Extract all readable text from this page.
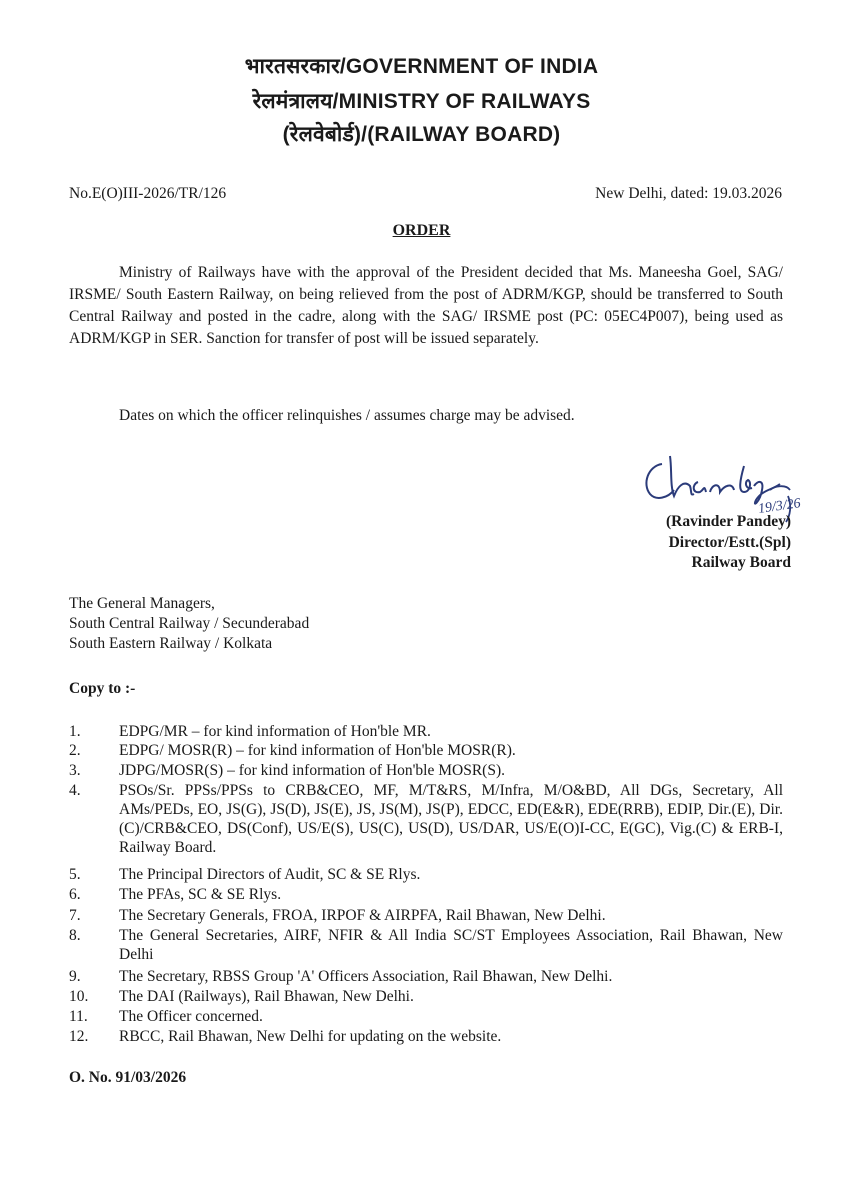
भारतसरकार/GOVERNMENT OF INDIA
रेलमंत्रालय/MINISTRY OF RAILWAYS
(रेलवेबोर्ड)/(RAILWAY BOARD)
No.E(O)III-2026/TR/126	New Delhi, dated: 19.03.2026
ORDER
Ministry of Railways have with the approval of the President decided that Ms. Maneesha Goel, SAG/ IRSME/ South Eastern Railway, on being relieved from the post of ADRM/KGP, should be transferred to South Central Railway and posted in the cadre, along with the SAG/ IRSME post (PC: 05EC4P007), being used as ADRM/KGP in SER. Sanction for transfer of post will be issued separately.
Dates on which the officer relinquishes / assumes charge may be advised.
19/3/26
(Ravinder Pandey)
Director/Estt.(Spl)
Railway Board
The General Managers,
South Central Railway / Secunderabad
South Eastern Railway / Kolkata
Copy to :-
1. EDPG/MR – for kind information of Hon'ble MR.
2. EDPG/ MOSR(R) – for kind information of Hon'ble MOSR(R).
3. JDPG/MOSR(S) – for kind information of Hon'ble MOSR(S).
4. PSOs/Sr. PPSs/PPSs to CRB&CEO, MF, M/T&RS, M/Infra, M/O&BD, All DGs, Secretary, All AMs/PEDs, EO, JS(G), JS(D), JS(E), JS, JS(M), JS(P), EDCC, ED(E&R), EDE(RRB), EDIP, Dir.(E), Dir.(C)/CRB&CEO, DS(Conf), US/E(S), US(C), US(D), US/DAR, US/E(O)I-CC, E(GC), Vig.(C) & ERB-I, Railway Board.
5. The Principal Directors of Audit, SC & SE Rlys.
6. The PFAs, SC & SE Rlys.
7. The Secretary Generals, FROA, IRPOF & AIRPFA, Rail Bhawan, New Delhi.
8. The General Secretaries, AIRF, NFIR & All India SC/ST Employees Association, Rail Bhawan, New Delhi
9. The Secretary, RBSS Group 'A' Officers Association, Rail Bhawan, New Delhi.
10. The DAI (Railways), Rail Bhawan, New Delhi.
11. The Officer concerned.
12. RBCC, Rail Bhawan, New Delhi for updating on the website.
O. No. 91/03/2026
